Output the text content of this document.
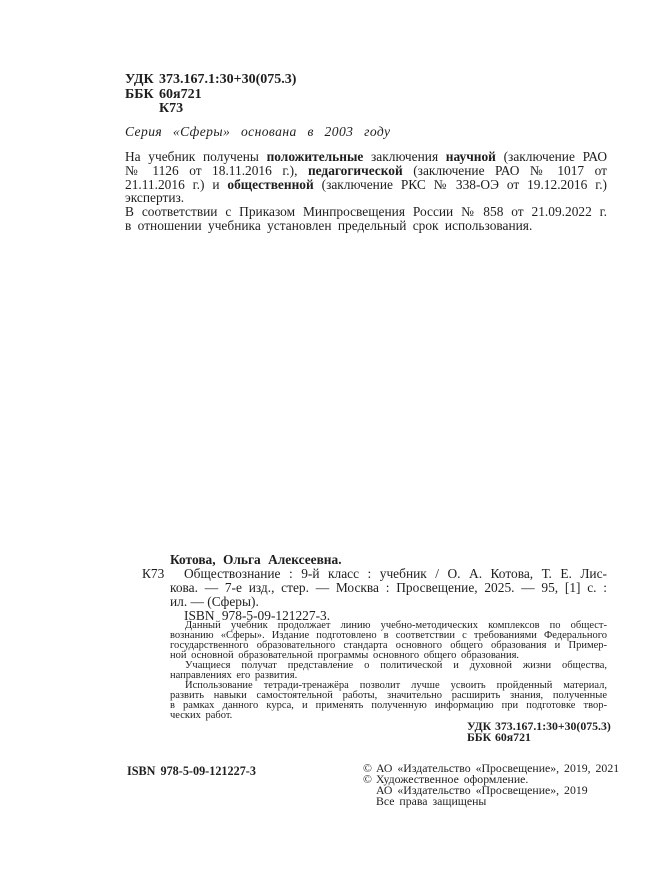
УДК 373.167.1:30+30(075.3)
ББК 60я721
К73
Серия «Сферы» основана в 2003 году
На учебник получены положительные заключения научной (заключение РАО
№ 1126 от 18.11.2016 г.), педагогической (заключение РАО № 1017 от
21.11.2016 г.) и общественной (заключение РКС № 338-ОЭ от 19.12.2016 г.)
экспертиз.
В соответствии с Приказом Минпросвещения России № 858 от 21.09.2022 г.
в отношении учебника установлен предельный срок использования.
Котова, Ольга Алексеевна.
К73	Обществознание : 9-й класс : учебник / О. А. Котова, Т. Е. Лис-
кова. — 7-е изд., стер. — Москва : Просвещение, 2025. — 95, [1] с. :
ил. — (Сферы).
ISBN 978-5-09-121227-3.
Данный учебник продолжает линию учебно-методических комплексов по общест-
вознанию «Сферы». Издание подготовлено в соответствии с требованиями Федерального
государственного образовательного стандарта основного общего образования и Пример-
ной основной образовательной программы основного общего образования.
Учащиеся получат представление о политической и духовной жизни общества,
направлениях его развития.
Использование тетради-тренажёра позволит лучше усвоить пройденный материал,
развить навыки самостоятельной работы, значительно расширить знания, полученные
в рамках данного курса, и применять полученную информацию при подготовке твор-
ческих работ.
УДК 373.167.1:30+30(075.3)
ББК 60я721
ISBN 978-5-09-121227-3	© АО «Издательство «Просвещение», 2019, 2021
© Художественное оформление.
АО «Издательство «Просвещение», 2019
Все права защищены
